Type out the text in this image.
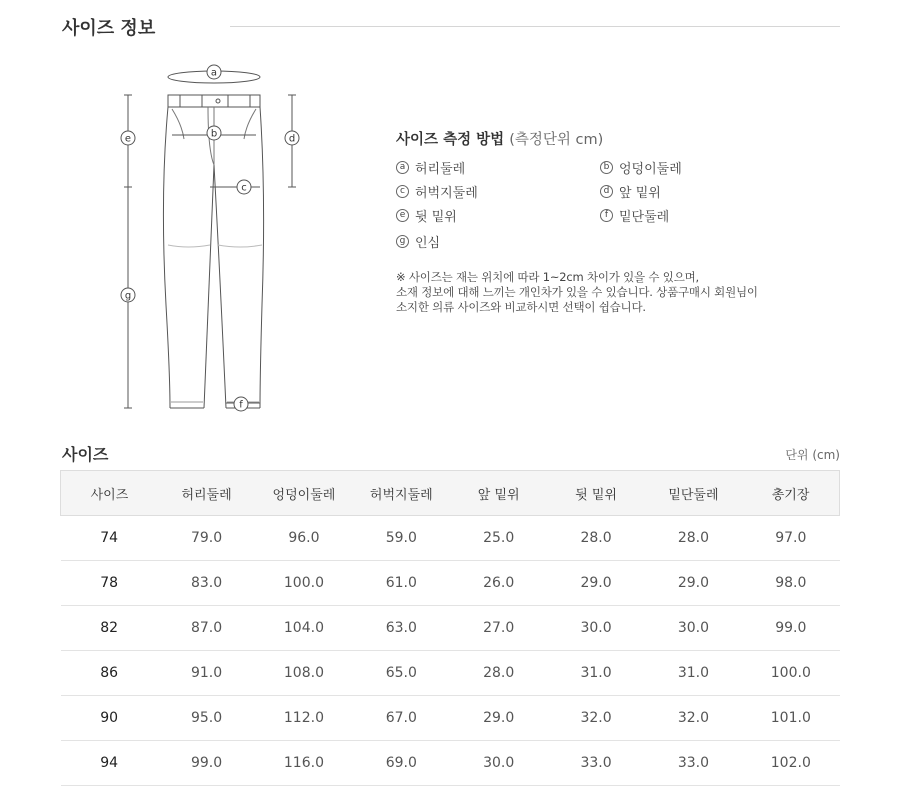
사이즈 정보
a
b
c
d
e
f
g
사이즈 측정 방법 (측정단위 cm)
a 허리둘레	b 엉덩이둘레
c 허벅지둘레	d 앞 밑위
e 뒷 밑위	f 밑단둘레
g 인심
※ 사이즈는 재는 위치에 따라 1~2cm 차이가 있을 수 있으며,
소재 정보에 대해 느끼는 개인차가 있을 수 있습니다. 상품구매시 회원님이
소지한 의류 사이즈와 비교하시면 선택이 쉽습니다.
사이즈	단위 (cm)
사이즈	허리둘레	엉덩이둘레	허벅지둘레	앞 밑위	뒷 밑위	밑단둘레	총기장
74	79.0	96.0	59.0	25.0	28.0	28.0	97.0
78	83.0	100.0	61.0	26.0	29.0	29.0	98.0
82	87.0	104.0	63.0	27.0	30.0	30.0	99.0
86	91.0	108.0	65.0	28.0	31.0	31.0	100.0
90	95.0	112.0	67.0	29.0	32.0	32.0	101.0
94	99.0	116.0	69.0	30.0	33.0	33.0	102.0
